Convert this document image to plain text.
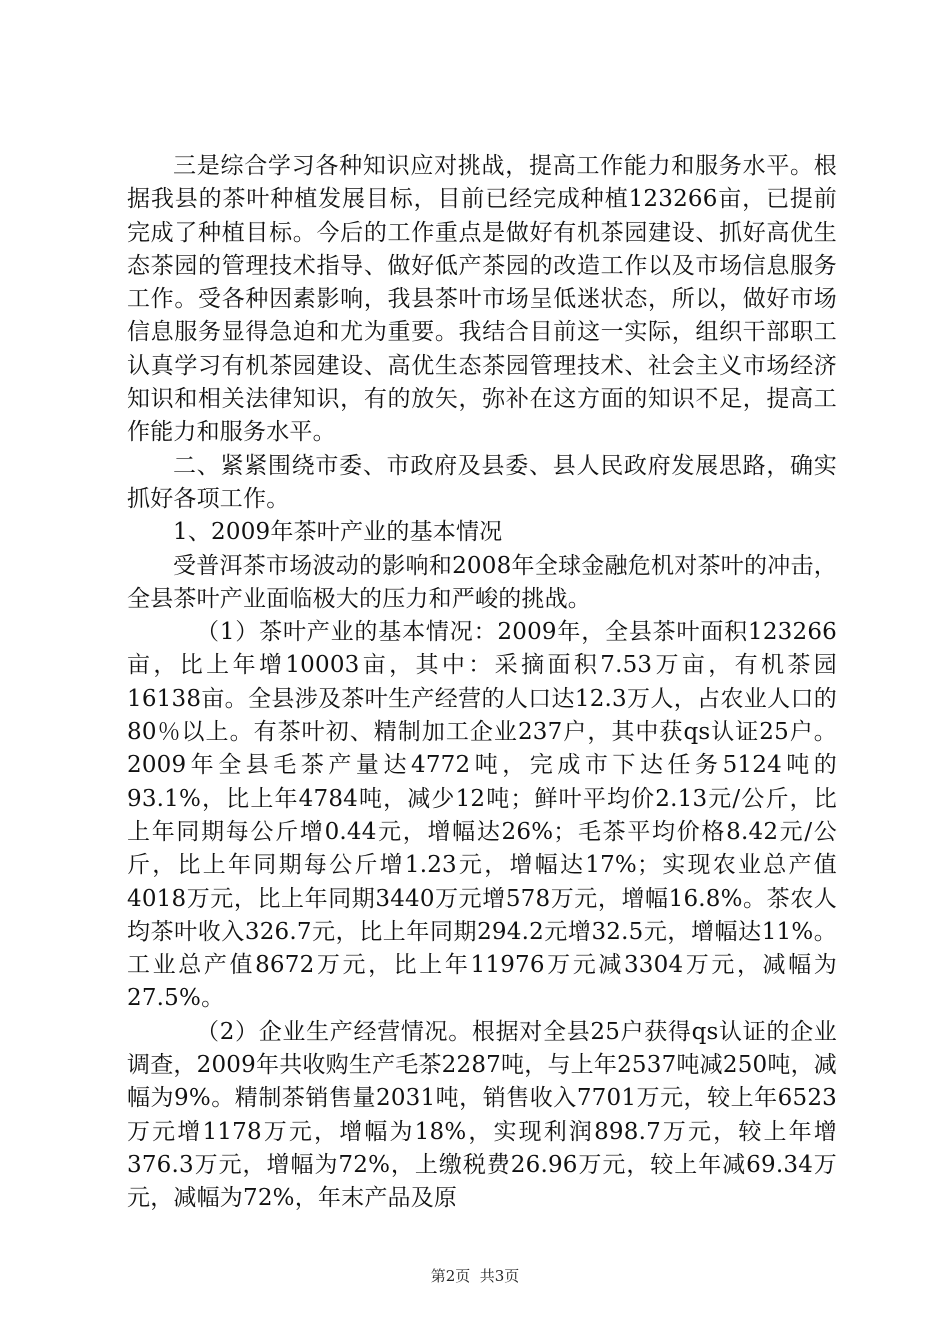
三是综合学习各种知识应对挑战，提高工作能力和服务水平。根据我县的茶叶种植发展目标，目前已经完成种植123266亩，已提前完成了种植目标。今后的工作重点是做好有机茶园建设、抓好高优生态茶园的管理技术指导、做好低产茶园的改造工作以及市场信息服务工作。受各种因素影响，我县茶叶市场呈低迷状态，所以，做好市场信息服务显得急迫和尤为重要。我结合目前这一实际，组织干部职工认真学习有机茶园建设、高优生态茶园管理技术、社会主义市场经济知识和相关法律知识，有的放矢，弥补在这方面的知识不足，提高工作能力和服务水平。

二、紧紧围绕市委、市政府及县委、县人民政府发展思路，确实抓好各项工作。

1、2009年茶叶产业的基本情况

受普洱茶市场波动的影响和2008年全球金融危机对茶叶的冲击，全县茶叶产业面临极大的压力和严峻的挑战。

（1）茶叶产业的基本情况：2009年，全县茶叶面积123266亩，比上年增10003亩，其中：采摘面积7.53万亩，有机茶园16138亩。全县涉及茶叶生产经营的人口达12.3万人，占农业人口的80％以上。有茶叶初、精制加工企业237户，其中获qs认证25户。2009年全县毛茶产量达4772吨，完成市下达任务5124吨的93.1%，比上年4784吨，减少12吨；鲜叶平均价2.13元/公斤，比上年同期每公斤增0.44元，增幅达26%；毛茶平均价格8.42元/公斤，比上年同期每公斤增1.23元，增幅达17%；实现农业总产值4018万元，比上年同期3440万元增578万元，增幅16.8%。茶农人均茶叶收入326.7元，比上年同期294.2元增32.5元，增幅达11%。工业总产值8672万元，比上年11976万元减3304万元，减幅为27.5%。

（2）企业生产经营情况。根据对全县25户获得qs认证的企业调查，2009年共收购生产毛茶2287吨，与上年2537吨减250吨，减幅为9%。精制茶销售量2031吨，销售收入7701万元，较上年6523万元增1178万元，增幅为18%，实现利润898.7万元，较上年增376.3万元，增幅为72%，上缴税费26.96万元，较上年减69.34万元，减幅为72%，年末产品及原

第2页  共3页
